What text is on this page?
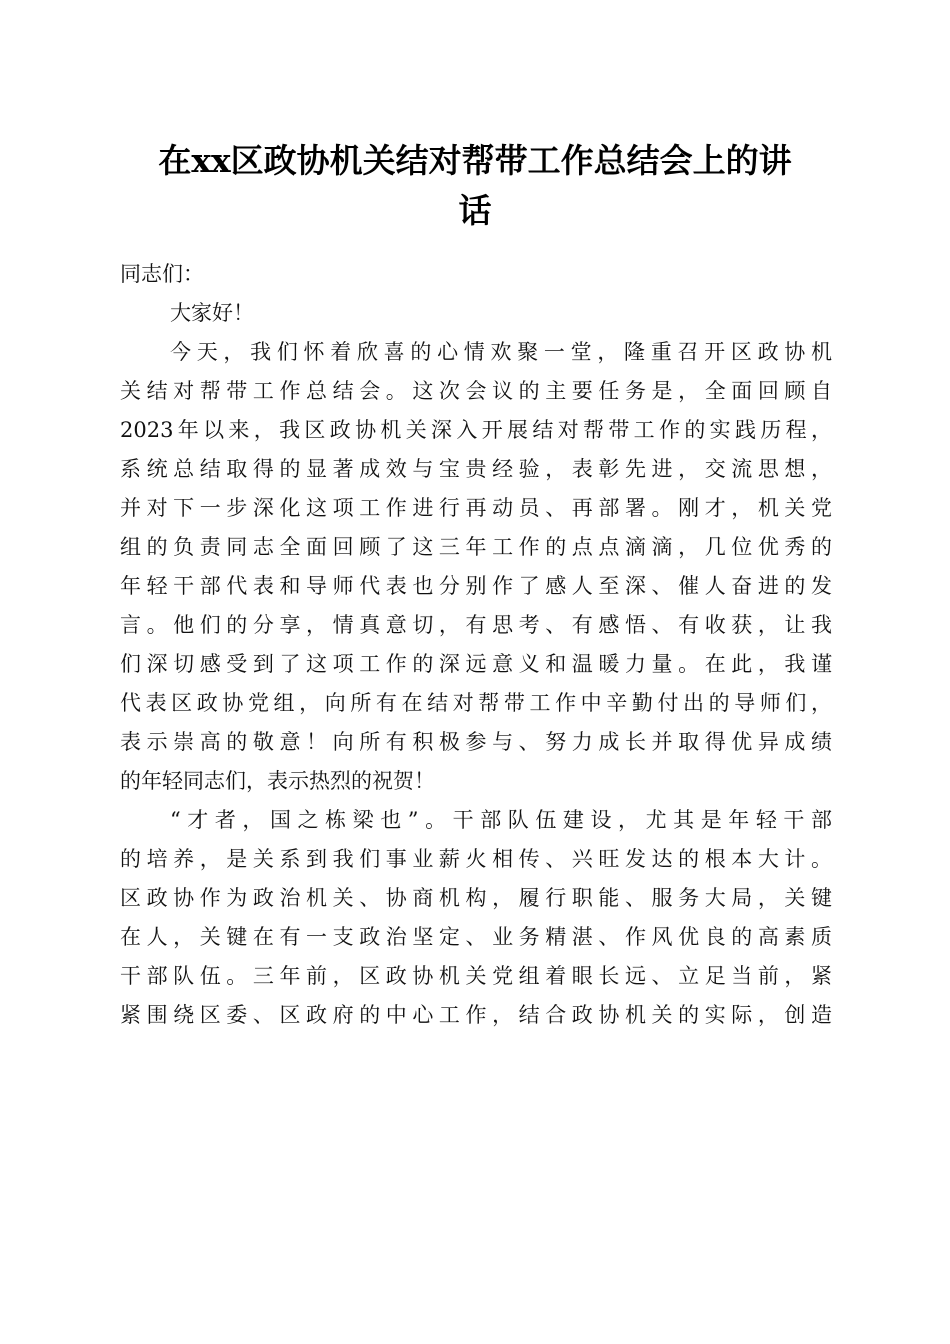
在xx区政协机关结对帮带工作总结会上的讲
话
同志们：
大家好！
今天，我们怀着欣喜的心情欢聚一堂，隆重召开区政协机
关结对帮带工作总结会。这次会议的主要任务是，全面回顾自
2023年以来，我区政协机关深入开展结对帮带工作的实践历程，
系统总结取得的显著成效与宝贵经验，表彰先进，交流思想，
并对下一步深化这项工作进行再动员、再部署。刚才，机关党
组的负责同志全面回顾了这三年工作的点点滴滴，几位优秀的
年轻干部代表和导师代表也分别作了感人至深、催人奋进的发
言。他们的分享，情真意切，有思考、有感悟、有收获，让我
们深切感受到了这项工作的深远意义和温暖力量。在此，我谨
代表区政协党组，向所有在结对帮带工作中辛勤付出的导师们，
表示崇高的敬意！向所有积极参与、努力成长并取得优异成绩
的年轻同志们，表示热烈的祝贺！
“才者，国之栋梁也”。干部队伍建设，尤其是年轻干部
的培养，是关系到我们事业薪火相传、兴旺发达的根本大计。
区政协作为政治机关、协商机构，履行职能、服务大局，关键
在人，关键在有一支政治坚定、业务精湛、作风优良的高素质
干部队伍。三年前，区政协机关党组着眼长远、立足当前，紧
紧围绕区委、区政府的中心工作，结合政协机关的实际，创造
